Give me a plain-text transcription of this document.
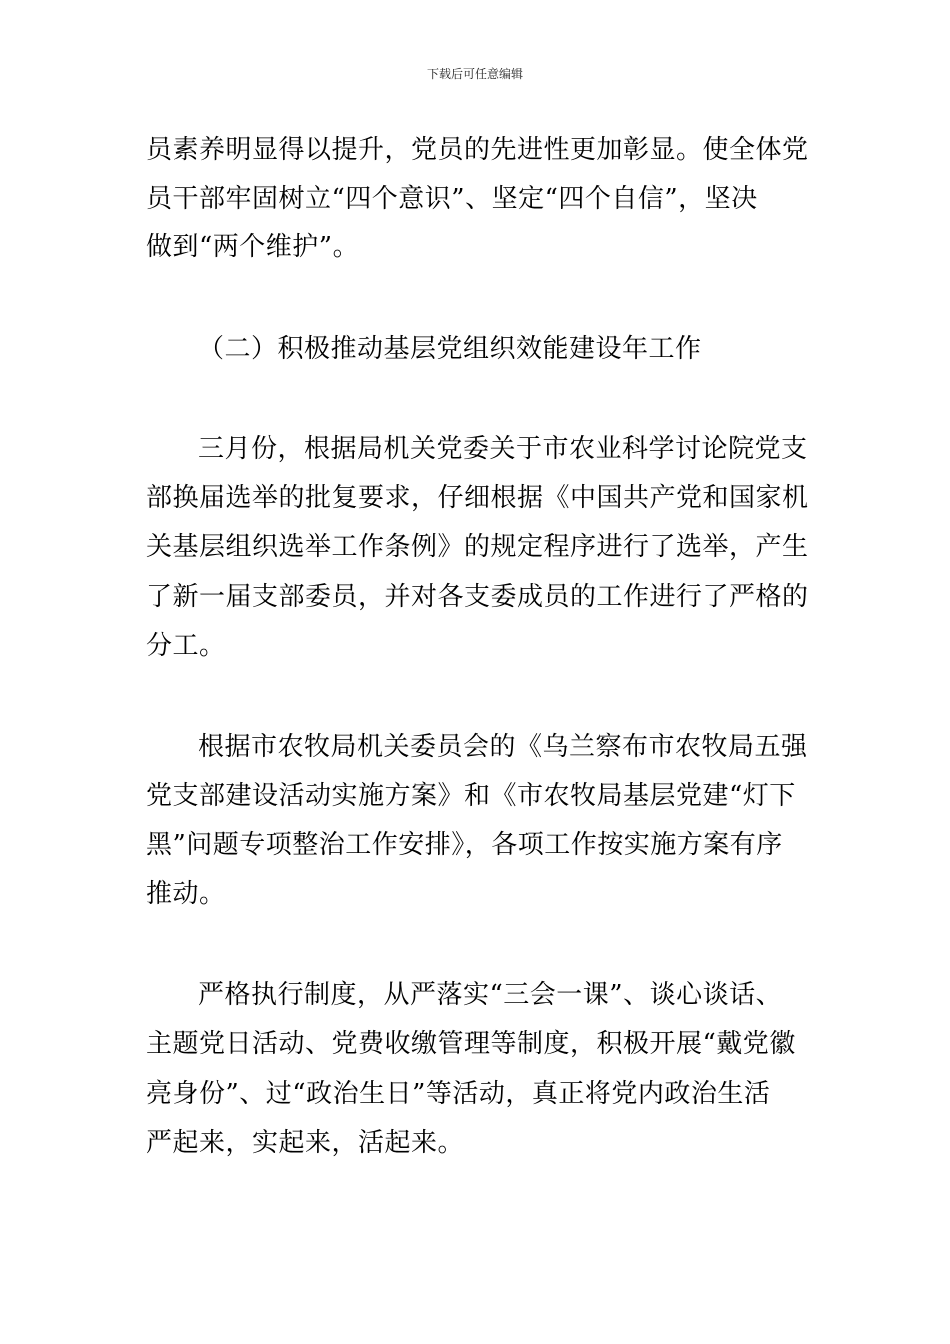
下载后可任意编辑
员素养明显得以提升，党员的先进性更加彰显。使全体党
员干部牢固树立“四个意识”、坚定“四个自信”，坚决
做到“两个维护”。
（二）积极推动基层党组织效能建设年工作
三月份，根据局机关党委关于市农业科学讨论院党支
部换届选举的批复要求，仔细根据《中国共产党和国家机
关基层组织选举工作条例》的规定程序进行了选举，产生
了新一届支部委员，并对各支委成员的工作进行了严格的
分工。
根据市农牧局机关委员会的《乌兰察布市农牧局五强
党支部建设活动实施方案》和《市农牧局基层党建“灯下
黑”问题专项整治工作安排》，各项工作按实施方案有序
推动。
严格执行制度，从严落实“三会一课”、谈心谈话、
主题党日活动、党费收缴管理等制度，积极开展“戴党徽
亮身份”、过“政治生日”等活动，真正将党内政治生活
严起来，实起来，活起来。
